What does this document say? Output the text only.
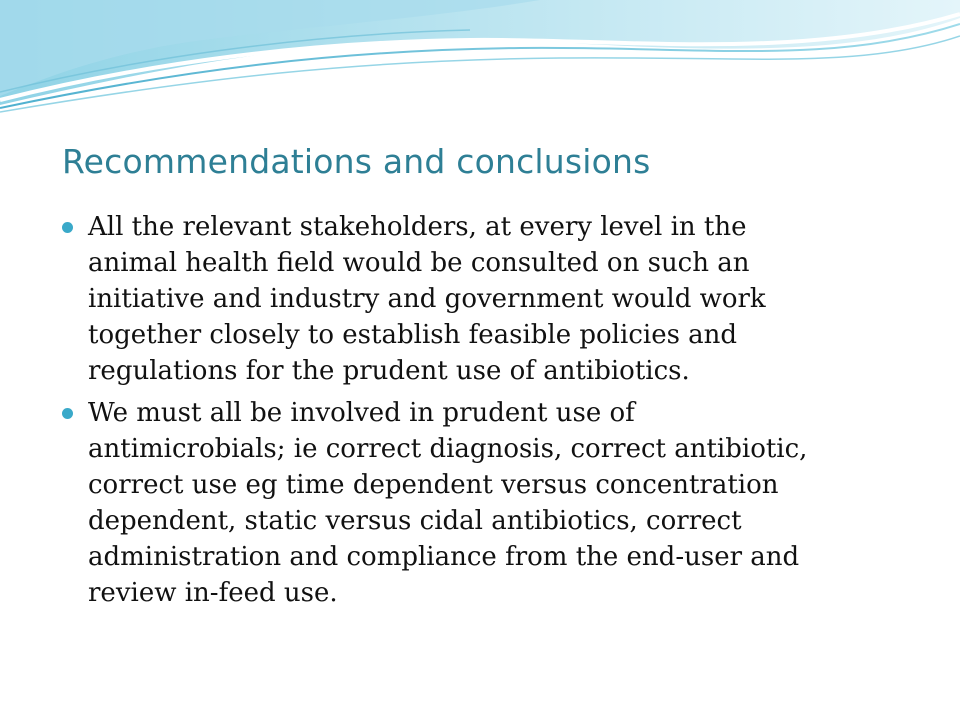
Recommendations and conclusions
All the relevant stakeholders, at every level in the
animal health field would be consulted on such an
initiative and industry and government would work
together closely to establish feasible policies and
regulations for the prudent use of antibiotics.
We must all be involved in prudent use of
antimicrobials; ie correct diagnosis, correct antibiotic,
correct use eg time dependent versus concentration
dependent, static versus cidal antibiotics, correct
administration and compliance from the end-user and
review in-feed use.
